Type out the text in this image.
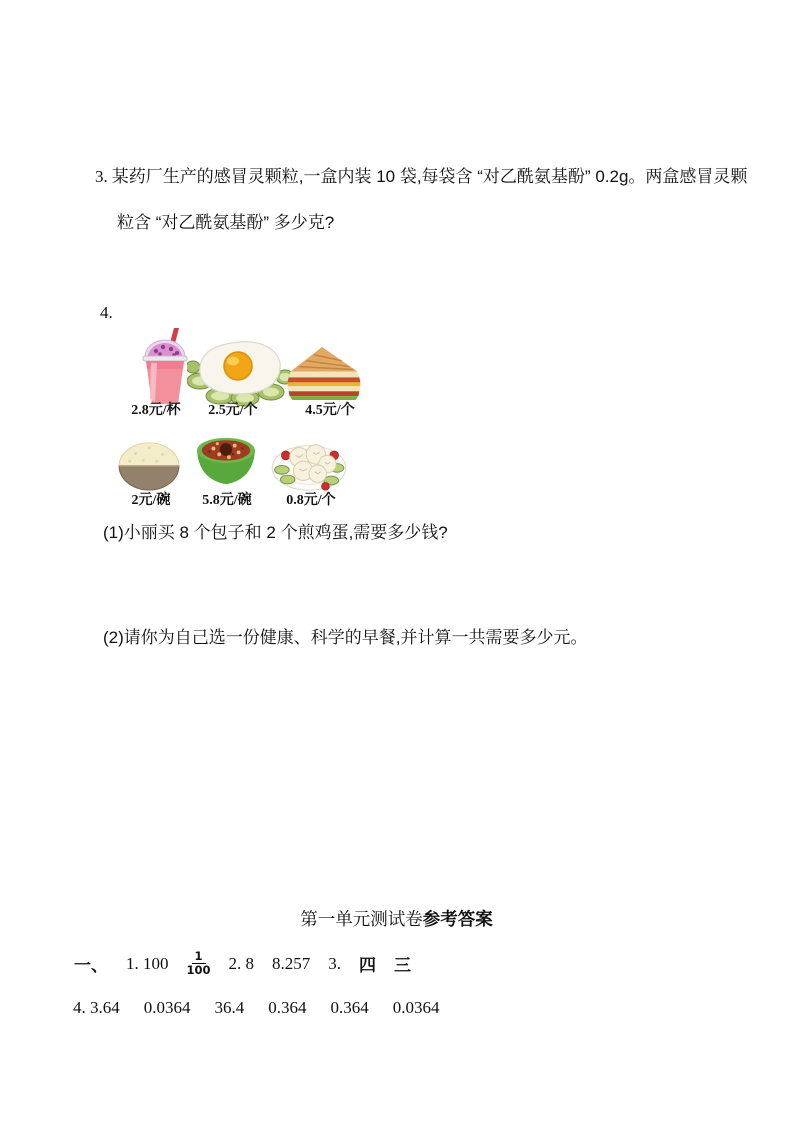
3. 某药厂生产的感冒灵颗粒,一盒内装 10 袋,每袋含 “对乙酰氨基酚” 0.2g。两盒感冒灵颗
粒含 “对乙酰氨基酚” 多少克?
4.
2.8元/杯	2.5元/个	4.5元/个
2元/碗	5.8元/碗	0.8元/个
(1)小丽买 8 个包子和 2 个煎鸡蛋,需要多少钱?
(2)请你为自己选一份健康、科学的早餐,并计算一共需要多少元。
第一单元测试卷参考答案
一、 1. $100 \frac{1}{100} 2$. 8 8.257 3. 四 三
4. 3.64 0.0364 36.4 0.364 0.364 0.0364
